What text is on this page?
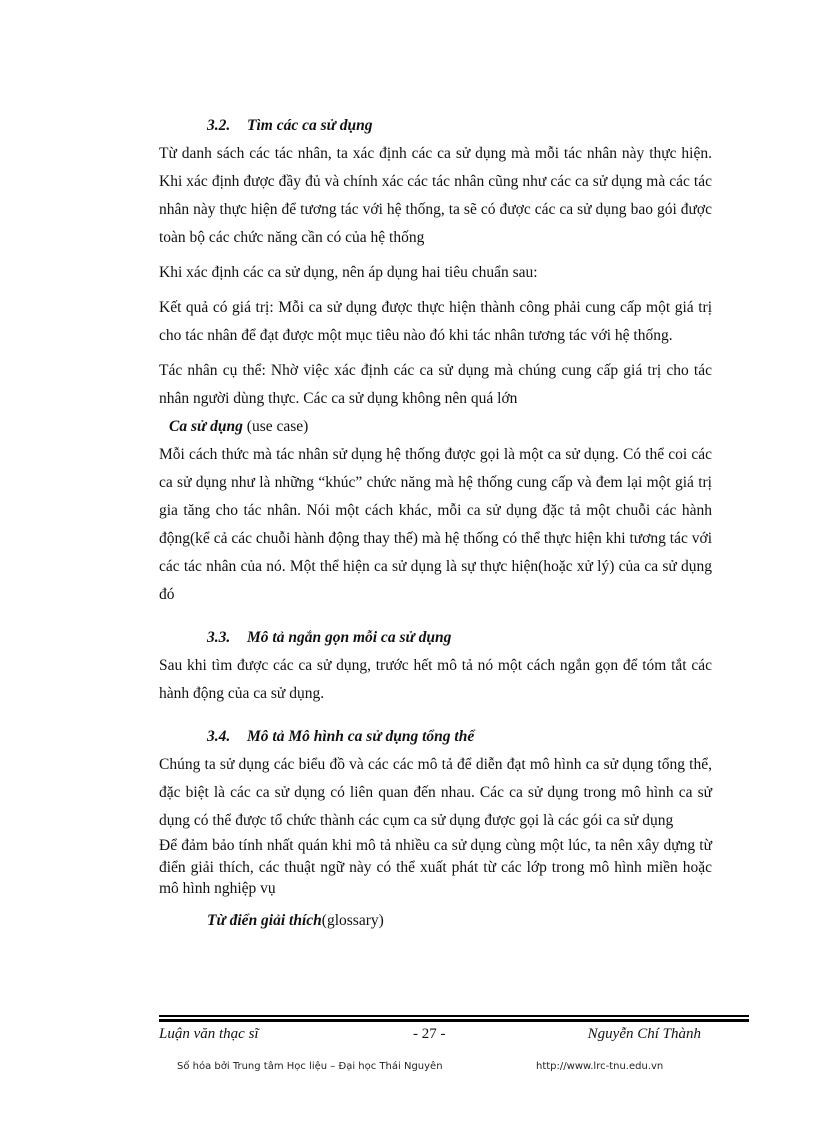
3.2. Tìm các ca sử dụng

Từ danh sách các tác nhân, ta xác định các ca sử dụng mà mỗi tác nhân này thực hiện. Khi xác định được đầy đủ và chính xác các tác nhân cũng như các ca sử dụng mà các tác nhân này thực hiện để tương tác với hệ thống, ta sẽ có được các ca sử dụng bao gói được toàn bộ các chức năng cần có của hệ thống

Khi xác định các ca sử dụng, nên áp dụng hai tiêu chuẩn sau:

Kết quả có giá trị: Mỗi ca sử dụng được thực hiện thành công phải cung cấp một giá trị cho tác nhân để đạt được một mục tiêu nào đó khi tác nhân tương tác với hệ thống.

Tác nhân cụ thể: Nhờ việc xác định các ca sử dụng mà chúng cung cấp giá trị cho tác nhân người dùng thực. Các ca sử dụng không nên quá lớn

Ca sử dụng (use case)

Mỗi cách thức mà tác nhân sử dụng hệ thống được gọi là một ca sử dụng. Có thể coi các ca sử dụng như là những “khúc” chức năng mà hệ thống cung cấp và đem lại một giá trị gia tăng cho tác nhân. Nói một cách khác, mỗi ca sử dụng đặc tả một chuỗi các hành động(kể cả các chuỗi hành động thay thế) mà hệ thống có thể thực hiện khi tương tác với các tác nhân của nó. Một thể hiện ca sử dụng là sự thực hiện(hoặc xử lý) của ca sử dụng đó

3.3. Mô tả ngắn gọn mỗi ca sử dụng

Sau khi tìm được các ca sử dụng, trước hết mô tả nó một cách ngắn gọn để tóm tắt các hành động của ca sử dụng.

3.4. Mô tả Mô hình ca sử dụng tổng thể

Chúng ta sử dụng các biểu đồ và các các mô tả để diễn đạt mô hình ca sử dụng tổng thể, đặc biệt là các ca sử dụng có liên quan đến nhau. Các ca sử dụng trong mô hình ca sử dụng có thể được tổ chức thành các cụm ca sử dụng được gọi là các gói ca sử dụng

Để đảm bảo tính nhất quán khi mô tả nhiều ca sử dụng cùng một lúc, ta nên xây dựng từ điển giải thích, các thuật ngữ này có thể xuất phát từ các lớp trong mô hình miền hoặc mô hình nghiệp vụ

Từ điển giải thích(glossary)

Luận văn thạc sĩ	- 27 -	Nguyễn Chí Thành
Số hóa bởi Trung tâm Học liệu – Đại học Thái Nguyên	http://www.lrc-tnu.edu.vn
